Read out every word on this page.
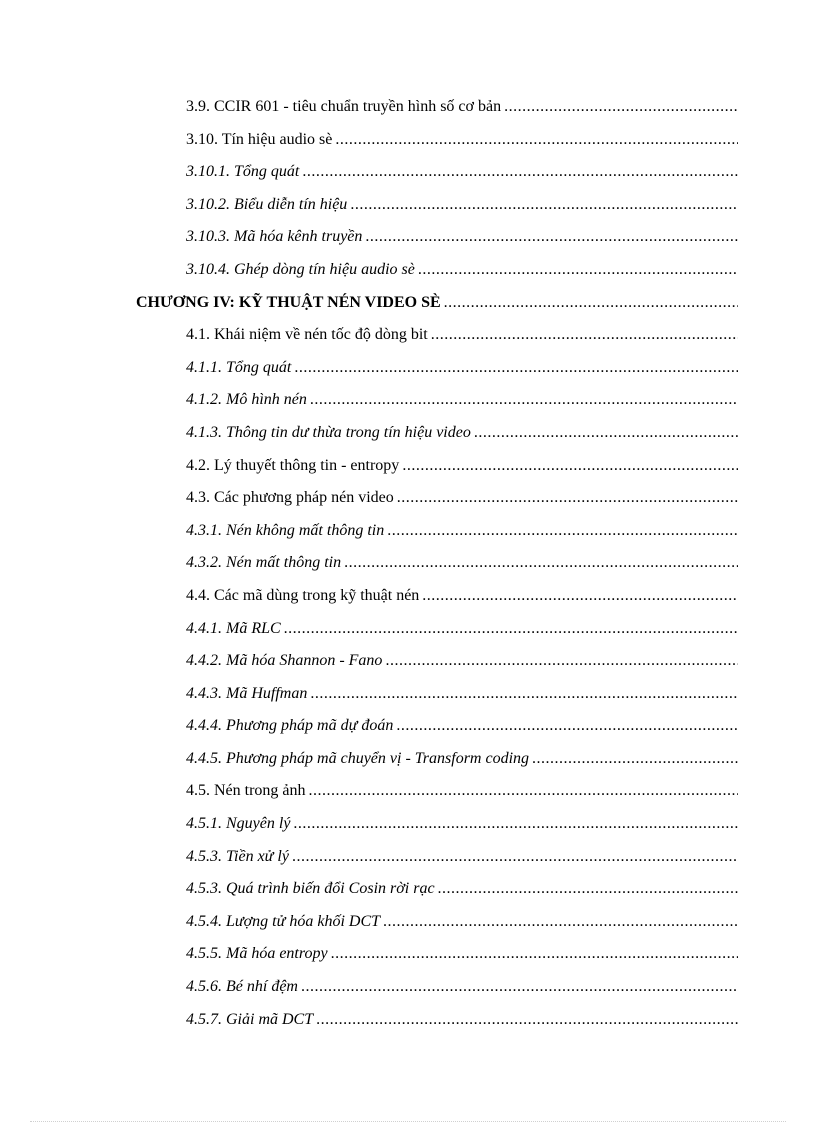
3.9. CCIR 601 - tiêu chuẩn truyền hình số cơ bản
.....
3.10. Tín hiệu audio sè
.....
3.10.1. Tổng quát
.....
3.10.2. Biểu diễn tín hiệu
.....
3.10.3. Mã hóa kênh truyền
.....
3.10.4. Ghép dòng tín hiệu audio sè
.....
CHƯƠNG IV: KỸ THUẬT NÉN VIDEO SÈ
.....
4.1. Khái niệm về nén tốc độ dòng bit
.....
4.1.1. Tổng quát
.....
4.1.2. Mô hình nén
.....
4.1.3. Thông tin dư thừa trong tín hiệu video
.....
4.2. Lý thuyết thông tin - entropy
.....
4.3. Các phương pháp nén video
.....
4.3.1. Nén không mất thông tin
.....
4.3.2. Nén mất thông tin
.....
4.4. Các mã dùng trong kỹ thuật nén
.....
4.4.1. Mã RLC
.....
4.4.2. Mã hóa Shannon - Fano
.....
4.4.3. Mã Huffman
.....
4.4.4. Phương pháp mã dự đoán
.....
4.4.5. Phương pháp mã chuyển vị - Transform coding
.....
4.5. Nén trong ảnh
.....
4.5.1. Nguyên lý
.....
4.5.3. Tiền xử lý
.....
4.5.3. Quá trình biến đổi Cosin rời rạc
.....
4.5.4. Lượng tử hóa khối DCT
.....
4.5.5. Mã hóa entropy
.....
4.5.6. Bé nhí đệm
.....
4.5.7. Giải mã DCT
.....
